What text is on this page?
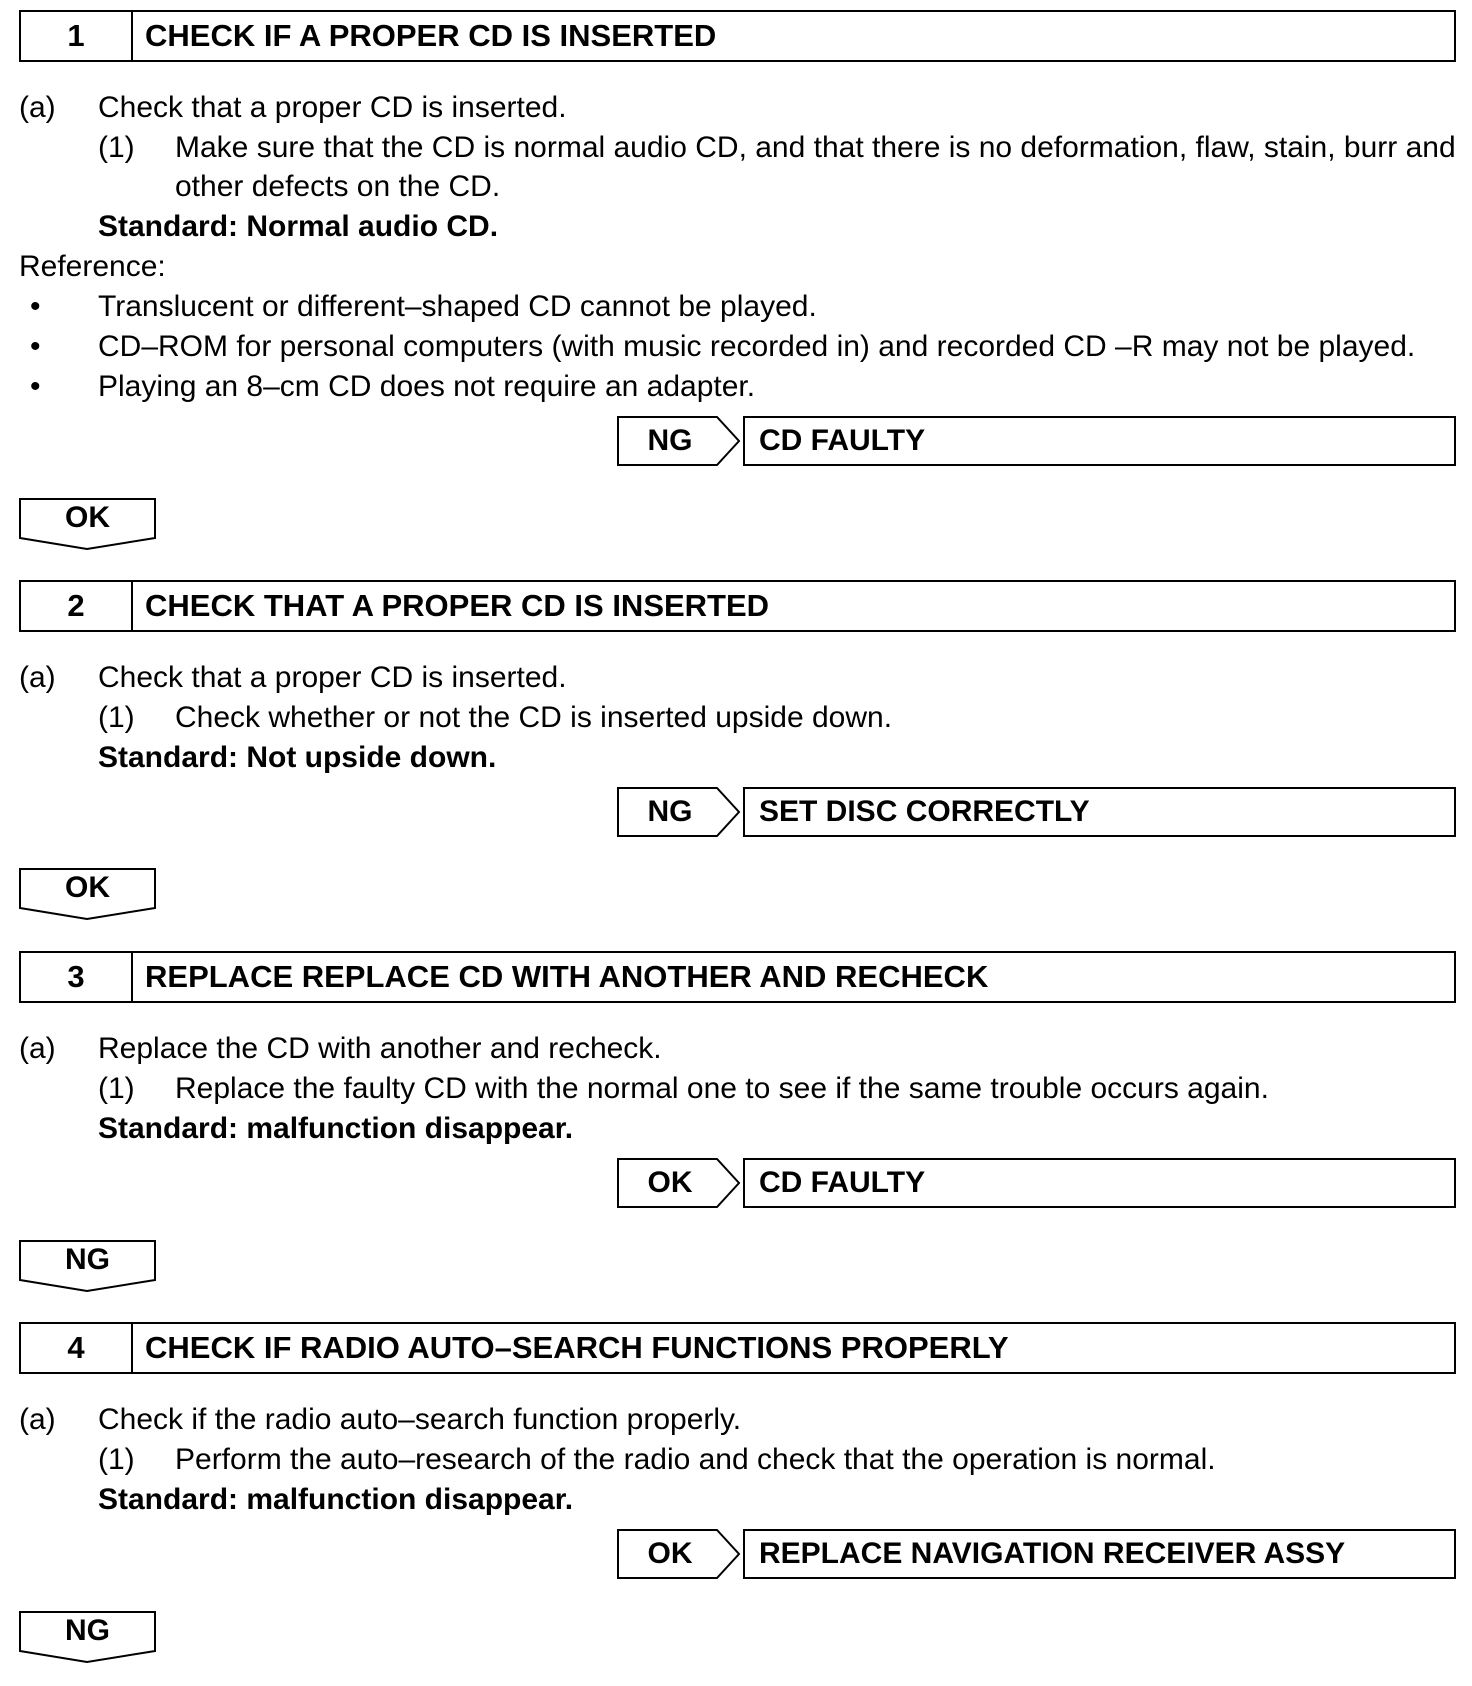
1	CHECK IF A PROPER CD IS INSERTED
(a) Check that a proper CD is inserted.
(1) Make sure that the CD is normal audio CD, and that there is no deformation, flaw, stain, burr and
other defects on the CD.
Standard: Normal audio CD.
Reference:
• Translucent or different–shaped CD cannot be played.
• CD–ROM for personal computers (with music recorded in) and recorded CD –R may not be played.
• Playing an 8–cm CD does not require an adapter.
NG	CD FAULTY
OK
2	CHECK THAT A PROPER CD IS INSERTED
(a) Check that a proper CD is inserted.
(1) Check whether or not the CD is inserted upside down.
Standard: Not upside down.
NG	SET DISC CORRECTLY
OK
3	REPLACE REPLACE CD WITH ANOTHER AND RECHECK
(a) Replace the CD with another and recheck.
(1) Replace the faulty CD with the normal one to see if the same trouble occurs again.
Standard: malfunction disappear.
OK	CD FAULTY
NG
4	CHECK IF RADIO AUTO–SEARCH FUNCTIONS PROPERLY
(a) Check if the radio auto–search function properly.
(1) Perform the auto–research of the radio and check that the operation is normal.
Standard: malfunction disappear.
OK	REPLACE NAVIGATION RECEIVER ASSY
NG
